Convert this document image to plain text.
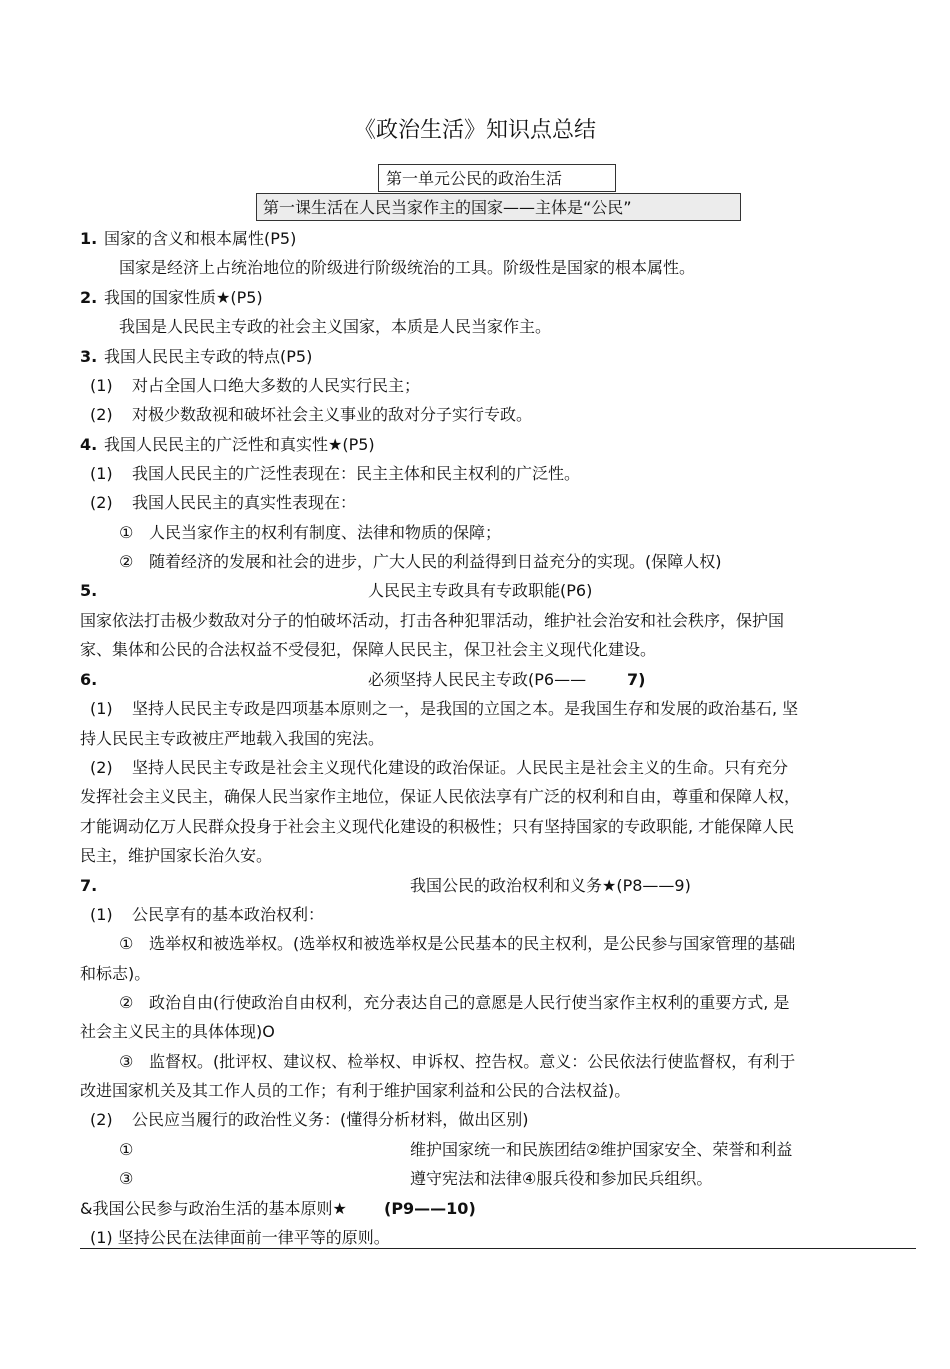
《政治生活》知识点总结
第一单元公民的政治生活
第一课生活在人民当家作主的国家——主体是“公民”
1. 国家的含义和根本属性(P5)
国家是经济上占统治地位的阶级进行阶级统治的工具。阶级性是国家的根本属性。
2. 我国的国家性质★(P5)
我国是人民民主专政的社会主义国家，本质是人民当家作主。
3. 我国人民民主专政的特点(P5)
(1) 对占全国人口绝大多数的人民实行民主；
(2) 对极少数敌视和破坏社会主义事业的敌对分子实行专政。
4. 我国人民民主的广泛性和真实性★(P5)
(1) 我国人民民主的广泛性表现在：民主主体和民主权利的广泛性。
(2) 我国人民民主的真实性表现在：
① 人民当家作主的权利有制度、法律和物质的保障；
② 随着经济的发展和社会的进步，广大人民的利益得到日益充分的实现。(保障人权)
5.	人民民主专政具有专政职能(P6)
国家依法打击极少数敌对分子的怕破坏活动，打击各种犯罪活动，维护社会治安和社会秩序，保护国
家、集体和公民的合法权益不受侵犯，保障人民民主，保卫社会主义现代化建设。
6.	必须坚持人民民主专政(P6——	7)
(1) 坚持人民民主专政是四项基本原则之一，是我国的立国之本。是我国生存和发展的政治基石, 坚
持人民民主专政被庄严地载入我国的宪法。
(2) 坚持人民民主专政是社会主义现代化建设的政治保证。人民民主是社会主义的生命。只有充分
发挥社会主义民主，确保人民当家作主地位，保证人民依法享有广泛的权利和自由，尊重和保障人权，
才能调动亿万人民群众投身于社会主义现代化建设的积极性；只有坚持国家的专政职能, 才能保障人民
民主，维护国家长治久安。
7.	我国公民的政治权利和义务★(P8——9)
(1) 公民享有的基本政治权利：
① 选举权和被选举权。(选举权和被选举权是公民基本的民主权利，是公民参与国家管理的基础
和标志)。
② 政治自由(行使政治自由权利，充分表达自己的意愿是人民行使当家作主权利的重要方式, 是
社会主义民主的具体体现)O
③ 监督权。(批评权、建议权、检举权、申诉权、控告权。意义：公民依法行使监督权，有利于
改进国家机关及其工作人员的工作；有利于维护国家利益和公民的合法权益)。
(2) 公民应当履行的政治性义务：(懂得分析材料，做出区别)
①	维护国家统一和民族团结②维护国家安全、荣誉和利益
③	遵守宪法和法律④服兵役和参加民兵组织。
&我国公民参与政治生活的基本原则★ (P9——10)
(1) 坚持公民在法律面前一律平等的原则。
